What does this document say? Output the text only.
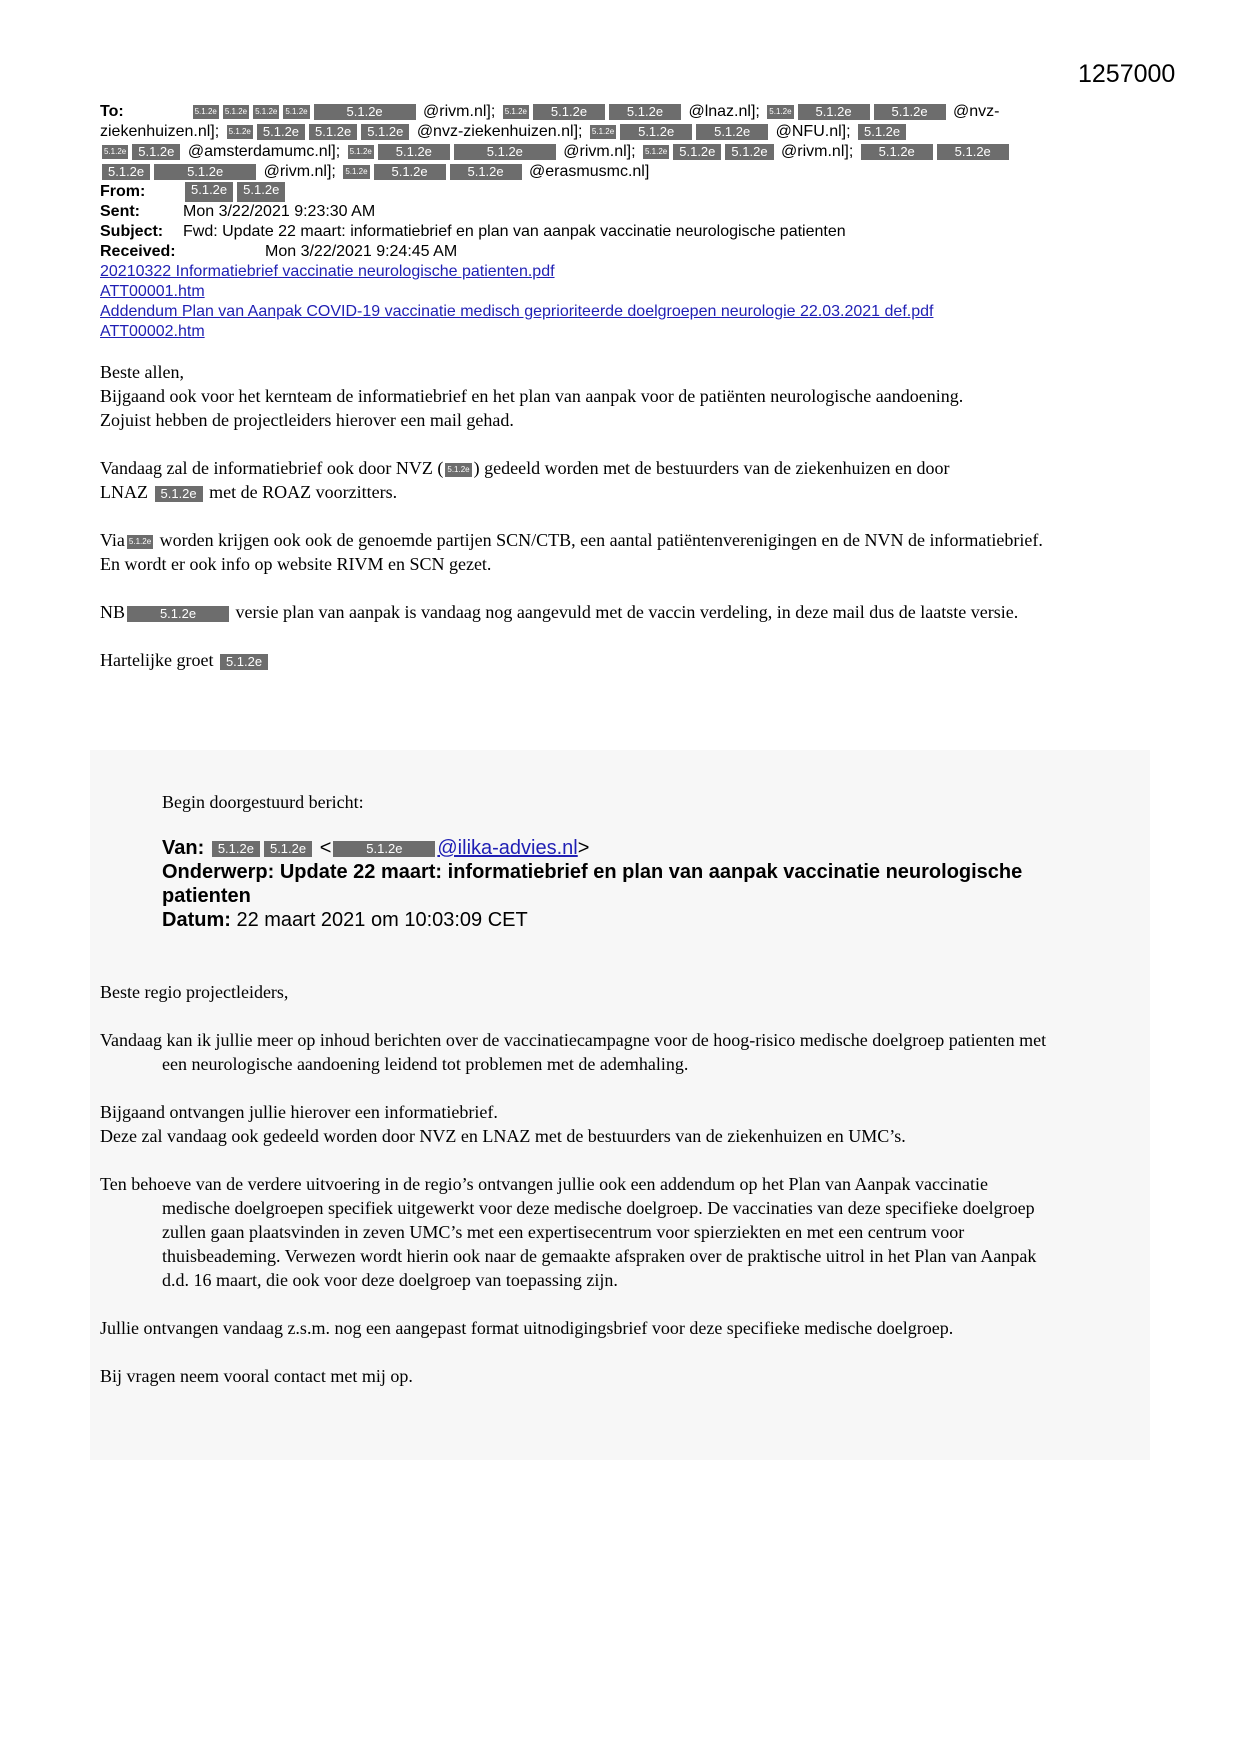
1257000
To:	5.1.2e 5.1.2e 5.1.2e 5.1.2e	5.1.2e	@rivm.nl]; 5.1.2e 5.1.2e	5.1.2e @lnaz.nl]; 5.1.2e 5.1.2e	5.1.2e @nvz-
ziekenhuizen.nl]; 5.1.2e 5.1.2e 5.1.2e 5.1.2e @nvz-ziekenhuizen.nl]; 5.1.2e 5.1.2e	5.1.2e @NFU.nl]; 5.1.2e
5.1.2e 5.1.2e @amsterdamumc.nl]; 5.1.2e 5.1.2e	5.1.2e	@rivm.nl]; 5.1.2e 5.1.2e 5.1.2e @rivm.nl]; 5.1.2e	5.1.2e
5.1.2e	5.1.2e	@rivm.nl]; 5.1.2e 5.1.2e	5.1.2e @erasmusmc.nl]
From:	5.1.2e	5.1.2e
Sent:	Mon 3/22/2021 9:23:30 AM
Subject:	Fwd: Update 22 maart: informatiebrief en plan van aanpak vaccinatie neurologische patienten
Received:	Mon 3/22/2021 9:24:45 AM
20210322 Informatiebrief vaccinatie neurologische patienten.pdf
ATT00001.htm
Addendum Plan van Aanpak COVID-19 vaccinatie medisch geprioriteerde doelgroepen neurologie 22.03.2021 def.pdf
ATT00002.htm

Beste allen,
Bijgaand ook voor het kernteam de informatiebrief en het plan van aanpak voor de patiënten neurologische aandoening.
Zojuist hebben de projectleiders hierover een mail gehad.

Vandaag zal de informatiebrief ook door NVZ ( 5.1.2e ) gedeeld worden met de bestuurders van de ziekenhuizen en door
LNAZ 5.1.2e met de ROAZ voorzitters.

Via 5.1.2e worden krijgen ook ook de genoemde partijen SCN/CTB, een aantal patiëntenverenigingen en de NVN de informatiebrief.
En wordt er ook info op website RIVM en SCN gezet.

NB	5.1.2e versie plan van aanpak is vandaag nog aangevuld met de vaccin verdeling, in deze mail dus de laatste versie.

Hartelijke groet 5.1.2e

Begin doorgestuurd bericht:
Van: 5.1.2e 5.1.2e <	5.1.2e @ilika-advies.nl>
Onderwerp: Update 22 maart: informatiebrief en plan van aanpak vaccinatie neurologische patienten
Datum: 22 maart 2021 om 10:03:09 CET

Beste regio projectleiders,

Vandaag kan ik jullie meer op inhoud berichten over de vaccinatiecampagne voor de hoog-risico medische doelgroep patienten met een neurologische aandoening leidend tot problemen met de ademhaling.

Bijgaand ontvangen jullie hierover een informatiebrief.

Deze zal vandaag ook gedeeld worden door NVZ en LNAZ met de bestuurders van de ziekenhuizen en UMC’s.

Ten behoeve van de verdere uitvoering in de regio’s ontvangen jullie ook een addendum op het Plan van Aanpak vaccinatie medische doelgroepen specifiek uitgewerkt voor deze medische doelgroep. De vaccinaties van deze specifieke doelgroep zullen gaan plaatsvinden in zeven UMC’s met een expertisecentrum voor spierziekten en met een centrum voor thuisbeademing. Verwezen wordt hierin ook naar de gemaakte afspraken over de praktische uitrol in het Plan van Aanpak d.d. 16 maart, die ook voor deze doelgroep van toepassing zijn.

Jullie ontvangen vandaag z.s.m. nog een aangepast format uitnodigingsbrief voor deze specifieke medische doelgroep.

Bij vragen neem vooral contact met mij op.
